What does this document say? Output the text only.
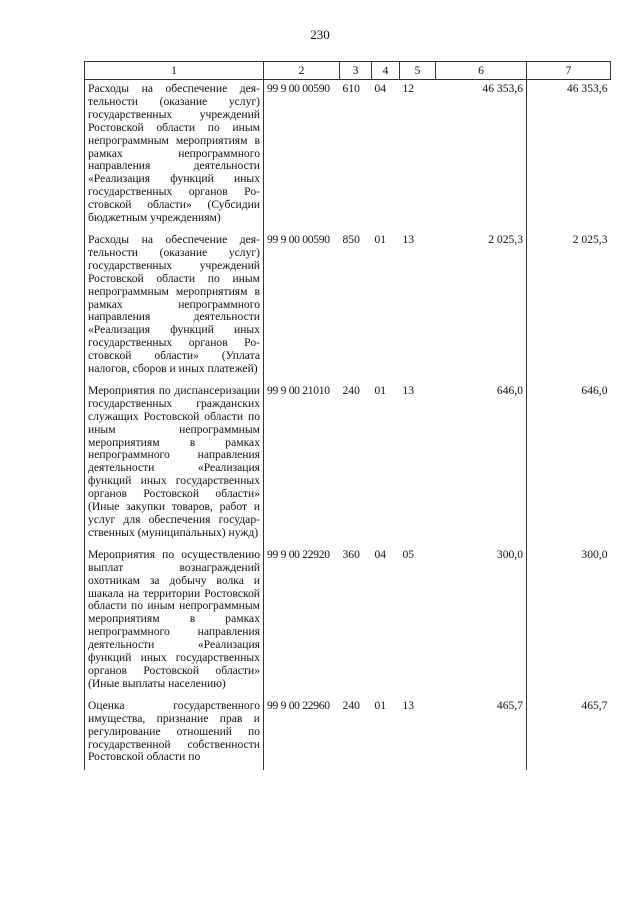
230
1	2	3	4	5	6	7
Расходы на обеспечение деятельности (оказание услуг) государственных учреждений Ростовской области по иным непрограммным мероприятиям в рамках непрограммного направления деятельности «Реализация функций иных государственных органов Ростовской области» (Субсидии бюджетным учреждениям)	99 9 00 00590	610	04	12	46 353,6	46 353,6
Расходы на обеспечение деятельности (оказание услуг) государственных учреждений Ростовской области по иным непрограммным мероприятиям в рамках непрограммного направления деятельности «Реализация функций иных государственных органов Ростовской области» (Уплата налогов, сборов и иных платежей)	99 9 00 00590	850	01	13	2 025,3	2 025,3
Мероприятия по диспансеризации государственных гражданских служащих Ростовской области по иным непрограммным мероприятиям в рамках непрограммного направления деятельности «Реализация функций иных государственных органов Ростовской области» (Иные закупки товаров, работ и услуг для обеспечения государственных (муниципальных) нужд)	99 9 00 21010	240	01	13	646,0	646,0
Мероприятия по осуществлению выплат вознаграждений охотникам за добычу волка и шакала на территории Ростовской области по иным непрограммным мероприятиям в рамках непрограммного направления деятельности «Реализация функций иных государственных органов Ростовской области» (Иные выплаты населению)	99 9 00 22920	360	04	05	300,0	300,0
Оценка государственного имущества, признание прав и регулирование отношений по государственной собственности Ростовской области по	99 9 00 22960	240	01	13	465,7	465,7
